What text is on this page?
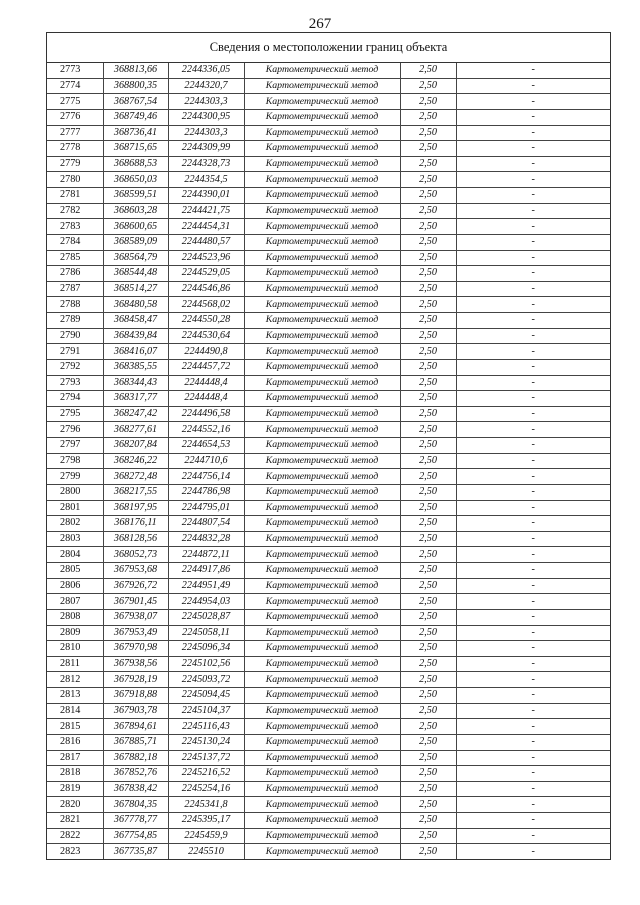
267
Сведения о местоположении границ объекта
2773	368813,66	2244336,05	Картометрический метод	2,50	-
2774	368800,35	2244320,7	Картометрический метод	2,50	-
2775	368767,54	2244303,3	Картометрический метод	2,50	-
2776	368749,46	2244300,95	Картометрический метод	2,50	-
2777	368736,41	2244303,3	Картометрический метод	2,50	-
2778	368715,65	2244309,99	Картометрический метод	2,50	-
2779	368688,53	2244328,73	Картометрический метод	2,50	-
2780	368650,03	2244354,5	Картометрический метод	2,50	-
2781	368599,51	2244390,01	Картометрический метод	2,50	-
2782	368603,28	2244421,75	Картометрический метод	2,50	-
2783	368600,65	2244454,31	Картометрический метод	2,50	-
2784	368589,09	2244480,57	Картометрический метод	2,50	-
2785	368564,79	2244523,96	Картометрический метод	2,50	-
2786	368544,48	2244529,05	Картометрический метод	2,50	-
2787	368514,27	2244546,86	Картометрический метод	2,50	-
2788	368480,58	2244568,02	Картометрический метод	2,50	-
2789	368458,47	2244550,28	Картометрический метод	2,50	-
2790	368439,84	2244530,64	Картометрический метод	2,50	-
2791	368416,07	2244490,8	Картометрический метод	2,50	-
2792	368385,55	2244457,72	Картометрический метод	2,50	-
2793	368344,43	2244448,4	Картометрический метод	2,50	-
2794	368317,77	2244448,4	Картометрический метод	2,50	-
2795	368247,42	2244496,58	Картометрический метод	2,50	-
2796	368277,61	2244552,16	Картометрический метод	2,50	-
2797	368207,84	2244654,53	Картометрический метод	2,50	-
2798	368246,22	2244710,6	Картометрический метод	2,50	-
2799	368272,48	2244756,14	Картометрический метод	2,50	-
2800	368217,55	2244786,98	Картометрический метод	2,50	-
2801	368197,95	2244795,01	Картометрический метод	2,50	-
2802	368176,11	2244807,54	Картометрический метод	2,50	-
2803	368128,56	2244832,28	Картометрический метод	2,50	-
2804	368052,73	2244872,11	Картометрический метод	2,50	-
2805	367953,68	2244917,86	Картометрический метод	2,50	-
2806	367926,72	2244951,49	Картометрический метод	2,50	-
2807	367901,45	2244954,03	Картометрический метод	2,50	-
2808	367938,07	2245028,87	Картометрический метод	2,50	-
2809	367953,49	2245058,11	Картометрический метод	2,50	-
2810	367970,98	2245096,34	Картометрический метод	2,50	-
2811	367938,56	2245102,56	Картометрический метод	2,50	-
2812	367928,19	2245093,72	Картометрический метод	2,50	-
2813	367918,88	2245094,45	Картометрический метод	2,50	-
2814	367903,78	2245104,37	Картометрический метод	2,50	-
2815	367894,61	2245116,43	Картометрический метод	2,50	-
2816	367885,71	2245130,24	Картометрический метод	2,50	-
2817	367882,18	2245137,72	Картометрический метод	2,50	-
2818	367852,76	2245216,52	Картометрический метод	2,50	-
2819	367838,42	2245254,16	Картометрический метод	2,50	-
2820	367804,35	2245341,8	Картометрический метод	2,50	-
2821	367778,77	2245395,17	Картометрический метод	2,50	-
2822	367754,85	2245459,9	Картометрический метод	2,50	-
2823	367735,87	2245510	Картометрический метод	2,50	-
